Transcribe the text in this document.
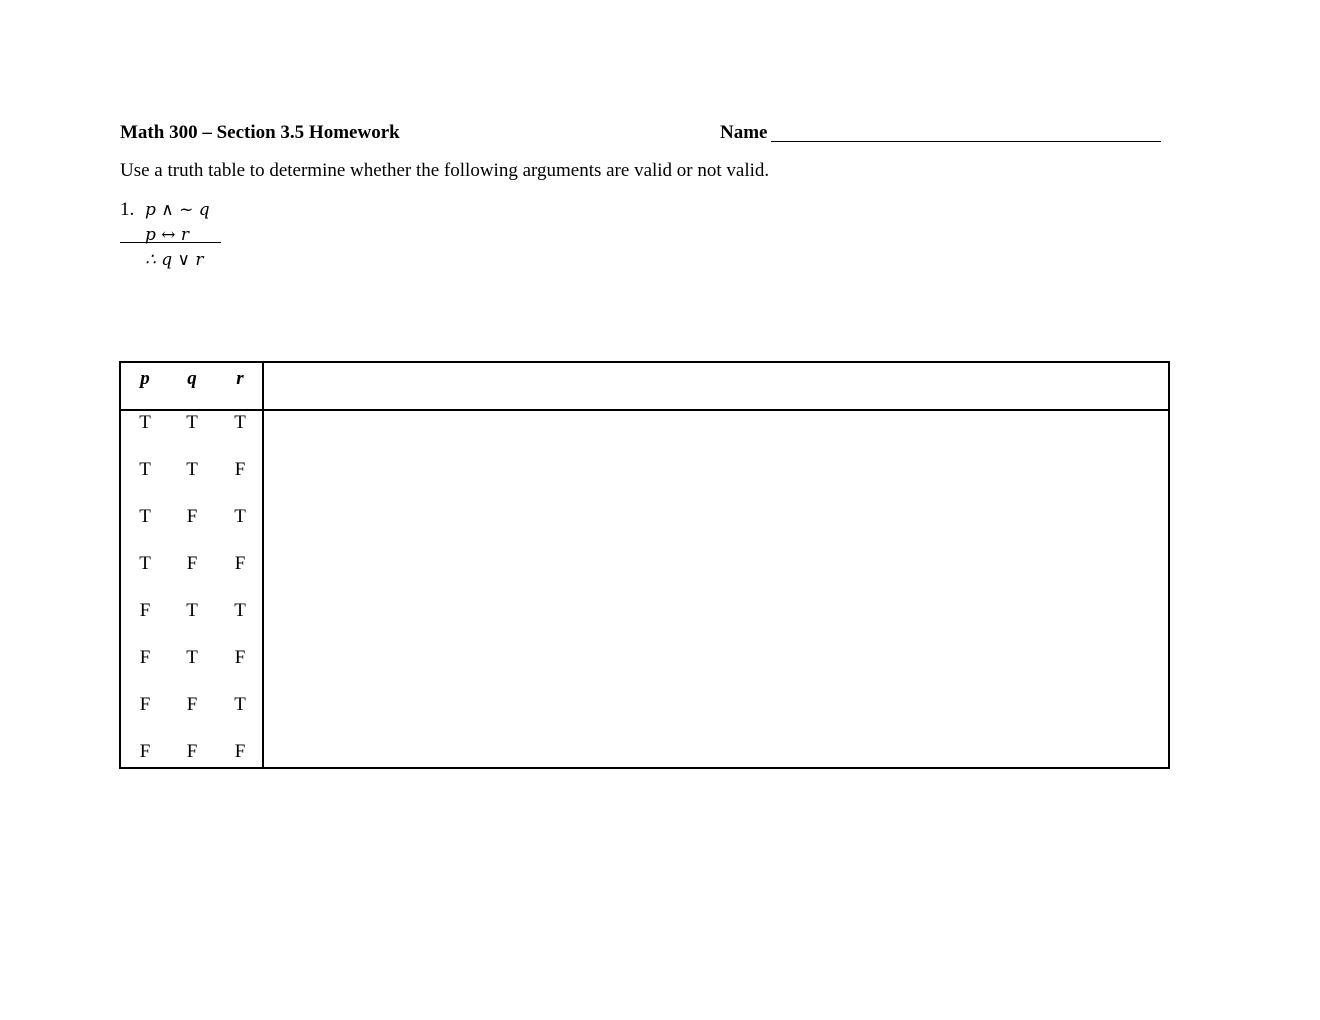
Math 300 – Section 3.5 Homework	Name
Use a truth table to determine whether the following arguments are valid or not valid.
1. p ∧ ~ q
p ↔ r
∴ q ∨ r
p	q	r
T	T	T
T	T	F
T	F	T
T	F	F
F	T	T
F	T	F
F	F	T
F	F	F
